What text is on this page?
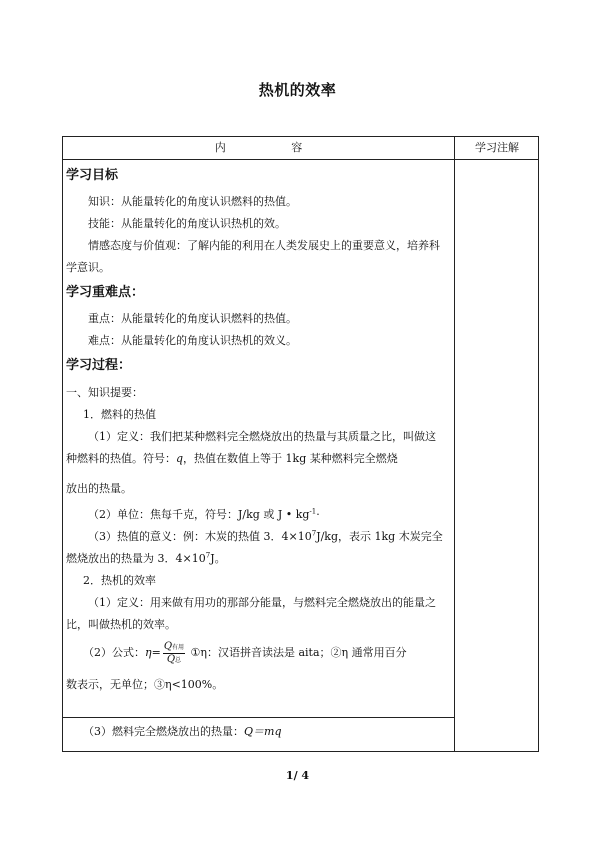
热机的效率
内 容	学习注解
学习目标
知识：从能量转化的角度认识燃料的热值。
技能：从能量转化的角度认识热机的效。
情感态度与价值观：了解内能的利用在人类发展史上的重要意义，培养科学意识。
学习重难点：
重点：从能量转化的角度认识燃料的热值。
难点：从能量转化的角度认识热机的效义。
学习过程：
一、知识提要：
1．燃料的热值
（1）定义：我们把某种燃料完全燃烧放出的热量与其质量之比，叫做这种燃料的热值。符号：q，热值在数值上等于 1kg 某种燃料完全燃烧
放出的热量。
（2）单位：焦每千克，符号：J/kg 或 J • $kg^{-1}\cdot$
（3）热值的意义：例：木炭的热值 3．$4\times 10^7J/kg$，表示 1kg 木炭完全燃烧放出的热量为 3．$4\times 10^7J$。
2．热机的效率
（1）定义：用来做有用功的那部分能量，与燃料完全燃烧放出的能量之比，叫做热机的效率。
（2）公式：$\eta= \frac{\text{Q有用}}{\text{Q总}}$ ①η：汉语拼音读法是 aita；②η 通常用百分
数表示，无单位；③η<100%。
（3）燃料完全燃烧放出的热量：Q＝mq
1/ 4
